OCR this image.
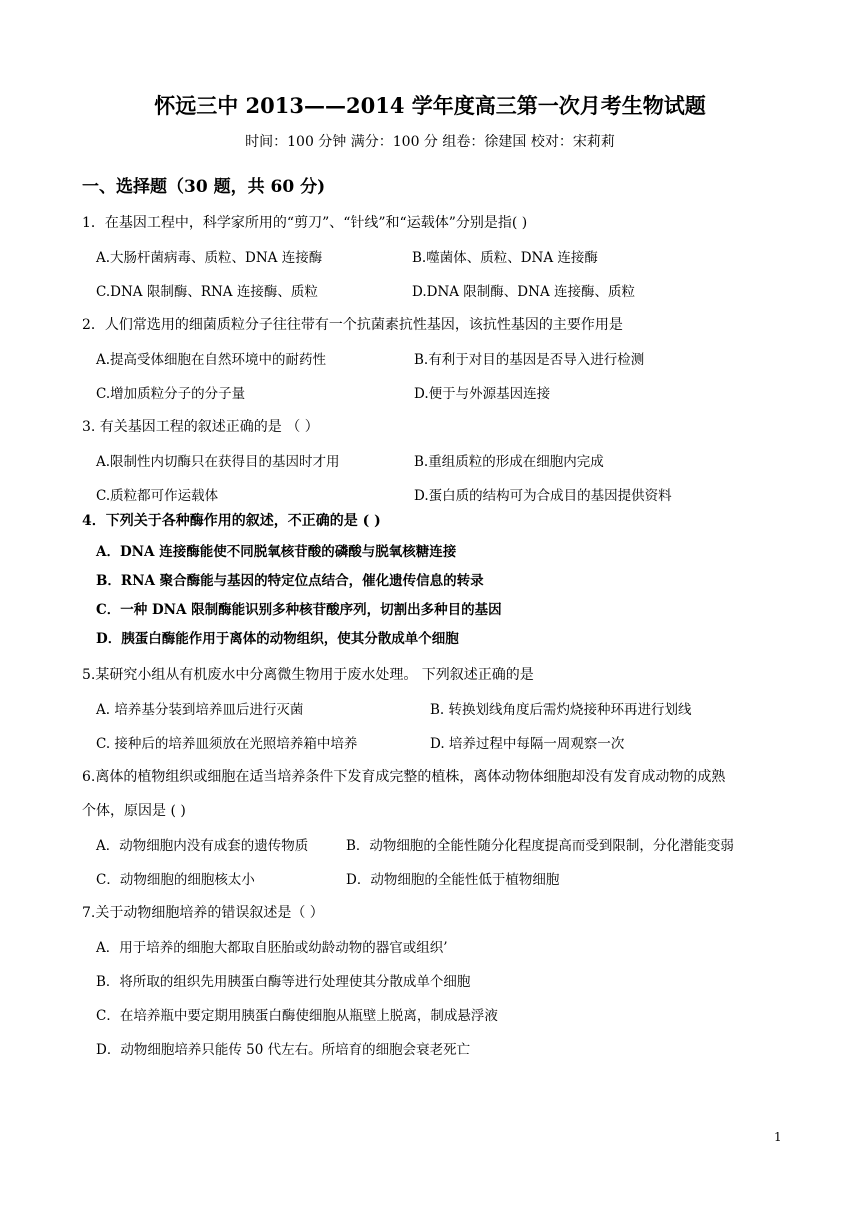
怀远三中 2013——2014 学年度高三第一次月考生物试题
时间：100 分钟 满分：100 分 组卷：徐建国 校对：宋莉莉
一、选择题（30 题，共 60 分)
1．在基因工程中，科学家所用的“剪刀”、“针线”和“运载体”分别是指( )
A.大肠杆菌病毒、质粒、DNA 连接酶	B.噬菌体、质粒、DNA 连接酶
C.DNA 限制酶、RNA 连接酶、质粒	D.DNA 限制酶、DNA 连接酶、质粒
2．人们常选用的细菌质粒分子往往带有一个抗菌素抗性基因，该抗性基因的主要作用是
A.提高受体细胞在自然环境中的耐药性	B.有利于对目的基因是否导入进行检测
C.增加质粒分子的分子量	D.便于与外源基因连接
3. 有关基因工程的叙述正确的是 （ ）
A.限制性内切酶只在获得目的基因时才用	B.重组质粒的形成在细胞内完成
C.质粒都可作运载体	D.蛋白质的结构可为合成目的基因提供资料
4．下列关于各种酶作用的叙述，不正确的是 ( )
A．DNA 连接酶能使不同脱氧核苷酸的磷酸与脱氧核糖连接
B．RNA 聚合酶能与基因的特定位点结合，催化遗传信息的转录
C．一种 DNA 限制酶能识别多种核苷酸序列，切割出多种目的基因
D．胰蛋白酶能作用于离体的动物组织，使其分散成单个细胞
5.某研究小组从有机废水中分离微生物用于废水处理。 下列叙述正确的是
A. 培养基分装到培养皿后进行灭菌	B. 转换划线角度后需灼烧接种环再进行划线
C. 接种后的培养皿须放在光照培养箱中培养	D. 培养过程中每隔一周观察一次
6.离体的植物组织或细胞在适当培养条件下发育成完整的植株，离体动物体细胞却没有发育成动物的成熟
个体，原因是 ( )
A．动物细胞内没有成套的遗传物质	B．动物细胞的全能性随分化程度提高而受到限制，分化潜能变弱
C．动物细胞的细胞核太小	D．动物细胞的全能性低于植物细胞
7.关于动物细胞培养的错误叙述是（ ）
A．用于培养的细胞大都取自胚胎或幼龄动物的器官或组织’
B．将所取的组织先用胰蛋白酶等进行处理使其分散成单个细胞
C．在培养瓶中要定期用胰蛋白酶使细胞从瓶壁上脱离，制成悬浮液
D．动物细胞培养只能传 50 代左右。所培育的细胞会衰老死亡
1
